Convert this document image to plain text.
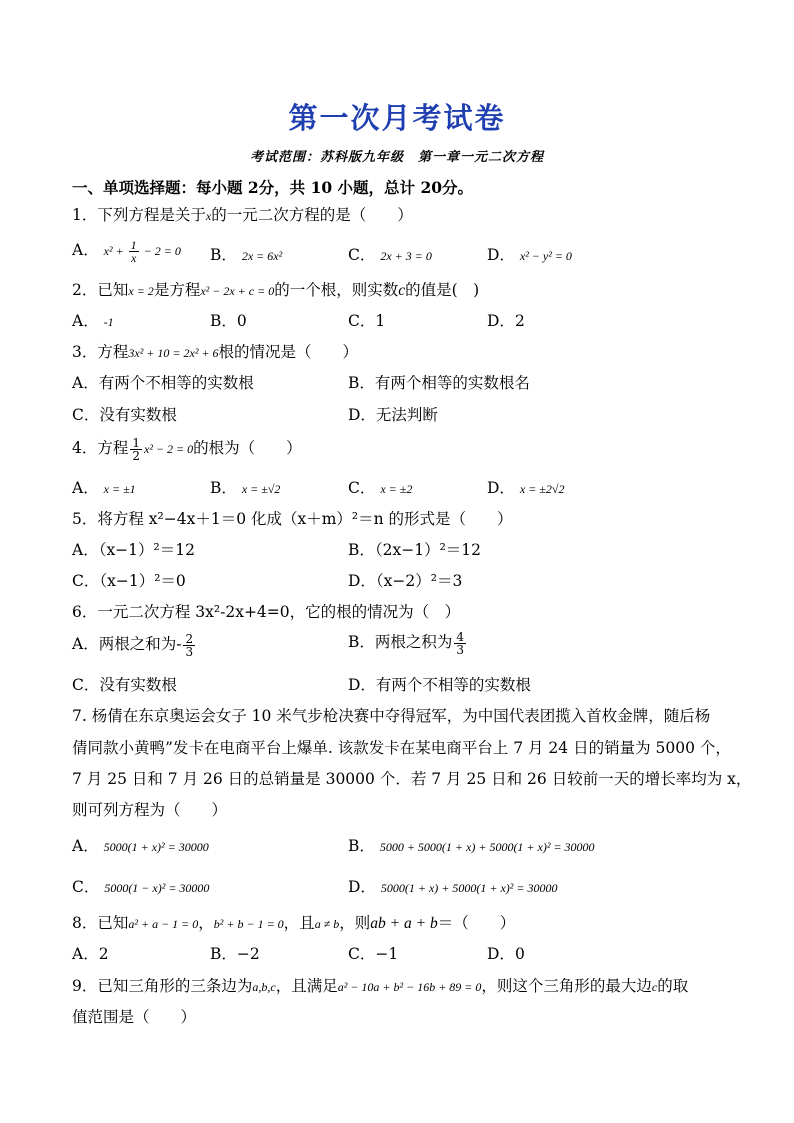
第一次月考试卷
考试范围：苏科版九年级　第一章一元二次方程
一、单项选择题：每小题 2分，共 10 小题，总计 20分。
1．下列方程是关于x的一元二次方程的是（　　）
A． $x^2 + \frac{1}{x} - 2 = 0$ B． 2x = 6x²	C． 2x + 3 = 0	D． x² − y² = 0
2．已知x = 2是方程x² − 2x + c = 0的一个根，则实数c的值是(　)
A． -1	B．0	C．1	D．2
3．方程3x² + 10 = 2x² + 6根的情况是（　　）
A．有两个不相等的实数根	B．有两个相等的实数根名
C．没有实数根	D．无法判断
4．方程 $\frac{1}{2} x^2 - 2 = 0$的根为（　　）
A． x = ±1	B． x = ±√2	C． x = ±2	D． x = ±2√2
5．将方程 x²−4x＋1＝0 化成（x＋m）²＝n 的形式是（　　）
A．（x−1）²＝12	B．（2x−1）²＝12
C．（x−1）²＝0	D．（x−2）²＝3
6．一元二次方程 3x²-2x+4=0，它的根的情况为（　）
A．两根之和为- $\frac{2}{3}$	B．两根之积为 $\frac{4}{3}$
C．没有实数根	D．有两个不相等的实数根
7. 杨倩在东京奥运会女子 10 米气步枪决赛中夺得冠军，为中国代表团揽入首枚金牌，随后杨
倩同款小黄鸭”发卡在电商平台上爆单. 该款发卡在某电商平台上 7 月 24 日的销量为 5000 个，
7 月 25 日和 7 月 26 日的总销量是 30000 个．若 7 月 25 日和 26 日较前一天的增长率均为 x，
则可列方程为（　　）
A． 5000(1 + x)² = 30000	B． 5000 + 5000(1 + x) + 5000(1 + x)² = 30000
C． 5000(1 − x)² = 30000	D． 5000(1 + x) + 5000(1 + x)² = 30000
8．已知a² + a − 1 = 0，b² + b − 1 = 0，且a ≠ b，则ab + a + b＝（　　）
A．2	B．−2	C．−1	D．0
9．已知三角形的三条边为a,b,c，且满足a² − 10a + b² − 16b + 89 = 0，则这个三角形的最大边c的取
值范围是（　　）
